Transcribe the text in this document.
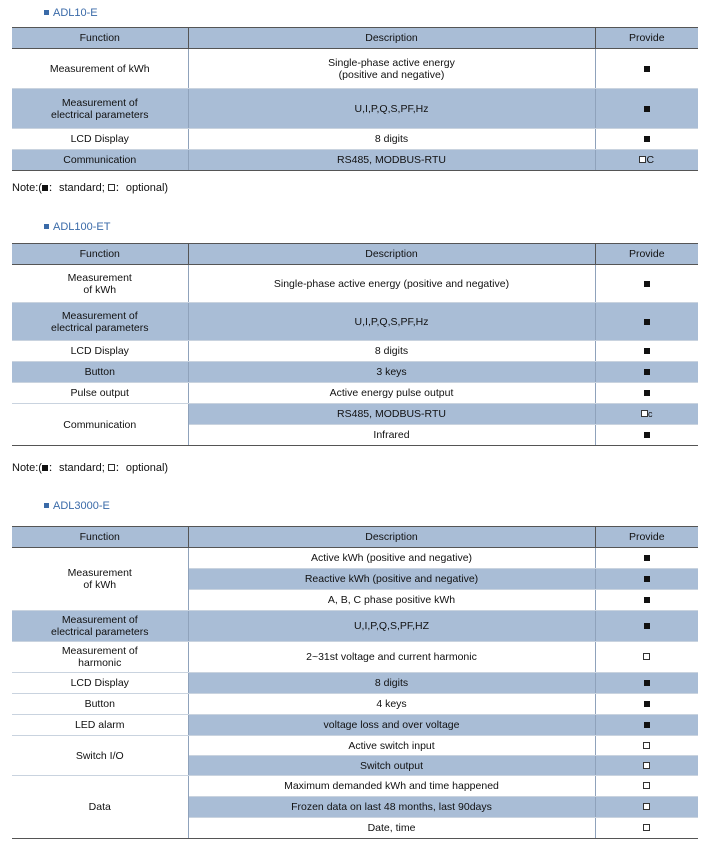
ADL10-E
Function	Description	Provide
Measurement of kWh	Single-phase active energy
(positive and negative)	
Measurement of
electrical parameters	U,I,P,Q,S,PF,Hz	
LCD Display	8 digits	
Communication	RS485, MODBUS-RTU	C
Note:( ：standard; ：optional)
ADL100-ET
Function	Description	Provide
Measurement
of kWh	Single-phase active energy (positive and negative)	
Measurement of
electrical parameters	U,I,P,Q,S,PF,Hz	
LCD Display	8 digits	
Button	3 keys	
Pulse output	Active energy pulse output	
Communication	RS485, MODBUS-RTU	c
	Infrared	
Note:( ：standard; ：optional)
ADL3000-E
Function	Description	Provide
Measurement
of kWh	Active kWh (positive and negative)	
	Reactive kWh (positive and negative)	
	A, B, C phase positive kWh	
Measurement of
electrical parameters	U,I,P,Q,S,PF,HZ	
Measurement of
harmonic	2~31st voltage and current harmonic	
LCD Display	8 digits	
Button	4 keys	
LED alarm	voltage loss and over voltage	
Switch I/O	Active switch input	
	Switch output	
Data	Maximum demanded kWh and time happened	
	Frozen data on last 48 months, last 90days	
	Date, time	
